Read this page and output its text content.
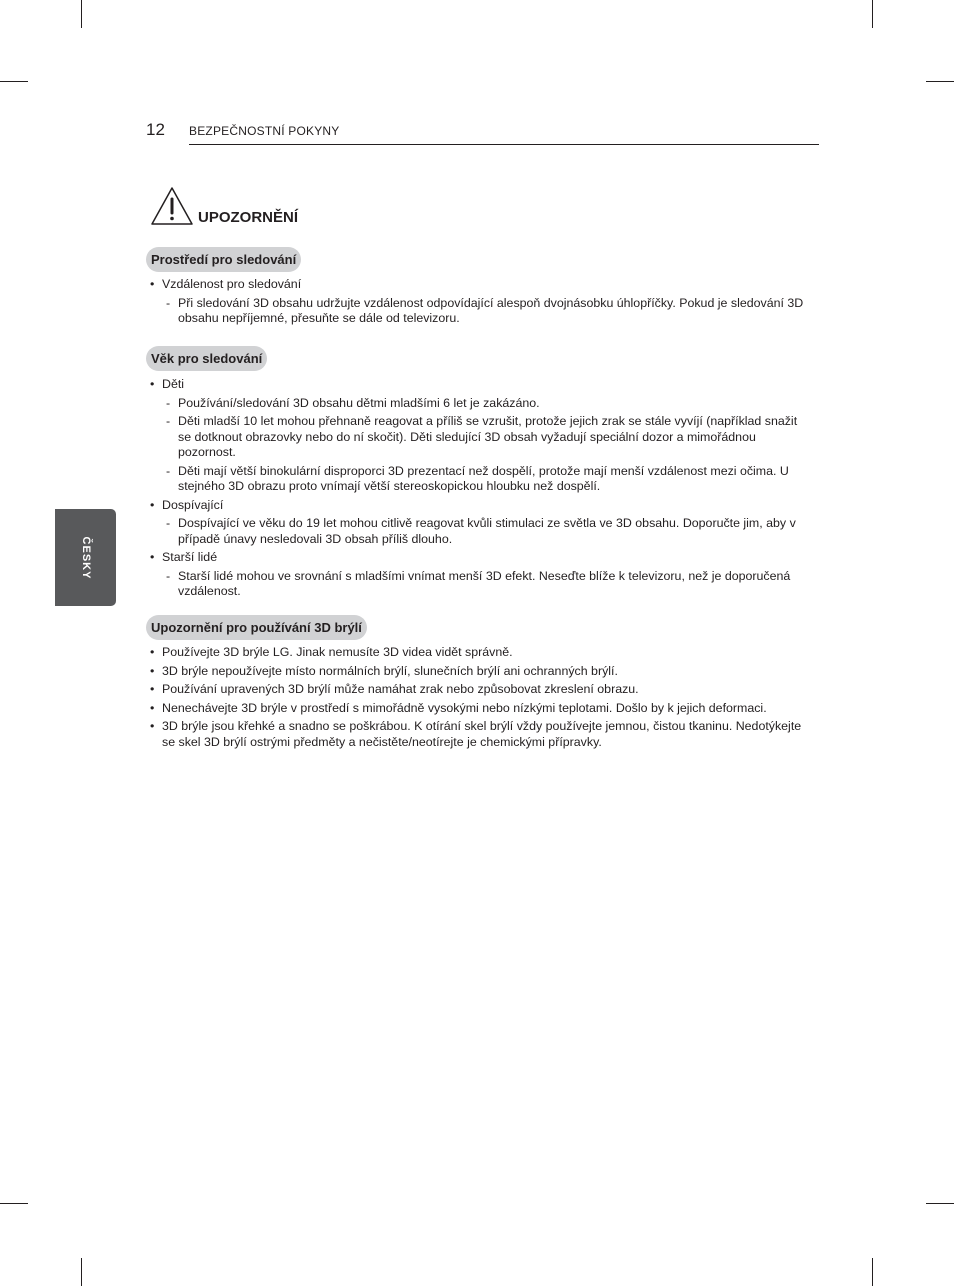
12 BEZPEČNOSTNÍ POKYNY
UPOZORNĚNÍ
ČESKY
Prostředí pro sledování
• Vzdálenost pro sledování
- Při sledování 3D obsahu udržujte vzdálenost odpovídající alespoň dvojnásobku úhlopříčky. Pokud je sledování 3D obsahu nepříjemné, přesuňte se dále od televizoru.
Věk pro sledování
• Děti
- Používání/sledování 3D obsahu dětmi mladšími 6 let je zakázáno.
- Děti mladší 10 let mohou přehnaně reagovat a příliš se vzrušit, protože jejich zrak se stále vyvíjí (například snažit se dotknout obrazovky nebo do ní skočit). Děti sledující 3D obsah vyžadují speciální dozor a mimořádnou pozornost.
- Děti mají větší binokulární disproporci 3D prezentací než dospělí, protože mají menší vzdálenost mezi očima. U stejného 3D obrazu proto vnímají větší stereoskopickou hloubku než dospělí.
• Dospívající
- Dospívající ve věku do 19 let mohou citlivě reagovat kvůli stimulaci ze světla ve 3D obsahu. Doporučte jim, aby v případě únavy nesledovali 3D obsah příliš dlouho.
• Starší lidé
- Starší lidé mohou ve srovnání s mladšími vnímat menší 3D efekt. Neseďte blíže k televizoru, než je doporučená vzdálenost.
Upozornění pro používání 3D brýlí
• Používejte 3D brýle LG. Jinak nemusíte 3D videa vidět správně.
• 3D brýle nepoužívejte místo normálních brýlí, slunečních brýlí ani ochranných brýlí.
• Používání upravených 3D brýlí může namáhat zrak nebo způsobovat zkreslení obrazu.
• Nenechávejte 3D brýle v prostředí s mimořádně vysokými nebo nízkými teplotami. Došlo by k jejich deformaci.
• 3D brýle jsou křehké a snadno se poškrábou. K otírání skel brýlí vždy používejte jemnou, čistou tkaninu. Nedotýkejte se skel 3D brýlí ostrými předměty a nečistěte/neotírejte je chemickými přípravky.
